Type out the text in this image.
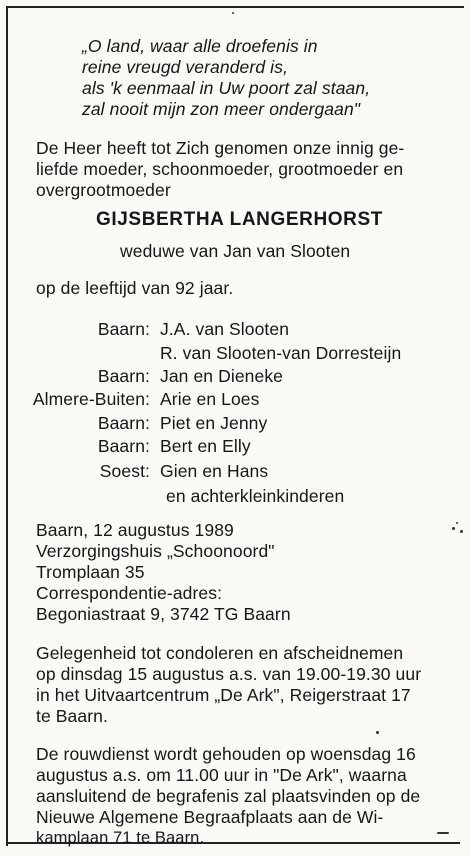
„O land, waar alle droefenis in
reine vreugd veranderd is,
als 'k eenmaal in Uw poort zal staan,
zal nooit mijn zon meer ondergaan"
De Heer heeft tot Zich genomen onze innig ge-
liefde moeder, schoonmoeder, grootmoeder en
overgrootmoeder
GIJSBERTHA LANGERHORST
weduwe van Jan van Slooten
op de leeftijd van 92 jaar.
Baarn: J.A. van Slooten
R. van Slooten-van Dorresteijn
Baarn: Jan en Dieneke
Almere-Buiten: Arie en Loes
Baarn: Piet en Jenny
Baarn: Bert en Elly
Soest: Gien en Hans
en achterkleinkinderen
Baarn, 12 augustus 1989
Verzorgingshuis „Schoonoord"
Tromplaan 35
Correspondentie-adres:
Begoniastraat 9, 3742 TG Baarn
Gelegenheid tot condoleren en afscheidnemen
op dinsdag 15 augustus a.s. van 19.00-19.30 uur
in het Uitvaartcentrum „De Ark", Reigerstraat 17
te Baarn.
De rouwdienst wordt gehouden op woensdag 16
augustus a.s. om 11.00 uur in "De Ark", waarna
aansluitend de begrafenis zal plaatsvinden op de
Nieuwe Algemene Begraafplaats aan de Wi-
kamplaan 71 te Baarn.
